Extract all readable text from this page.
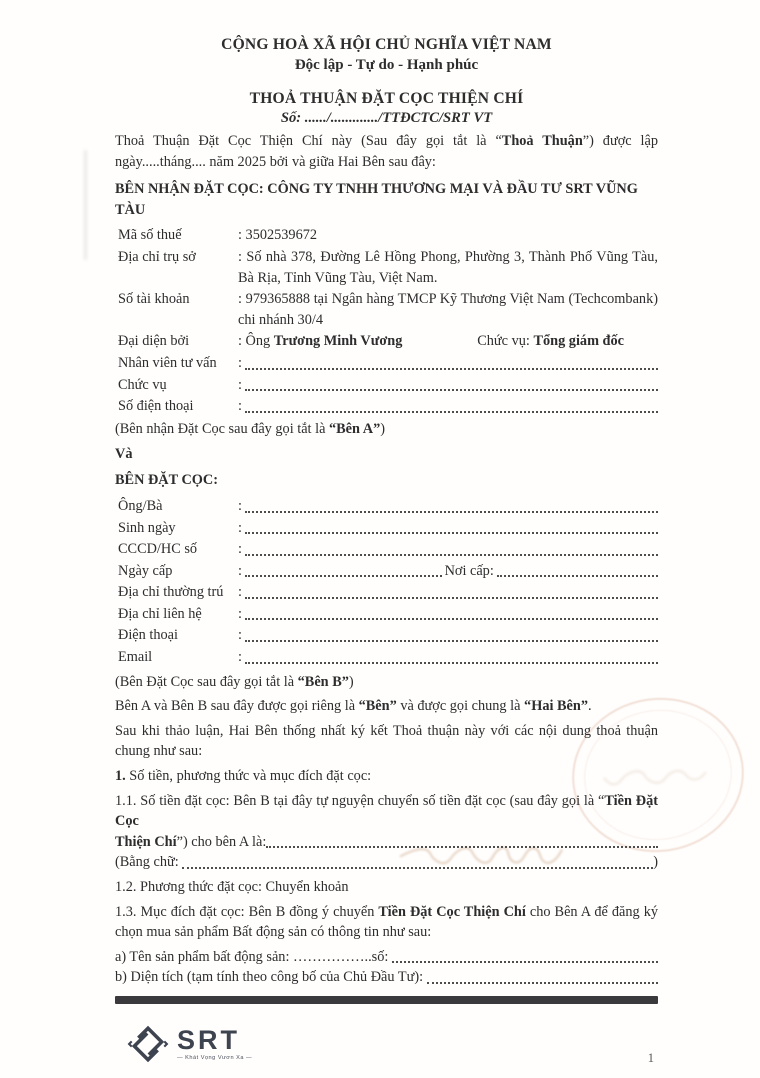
CỘNG HOÀ XÃ HỘI CHỦ NGHĨA VIỆT NAM
Độc lập - Tự do - Hạnh phúc
THOẢ THUẬN ĐẶT CỌC THIỆN CHÍ
Số: ....../............./TTĐCTC/SRT VT

Thoả Thuận Đặt Cọc Thiện Chí này (Sau đây gọi tắt là “Thoả Thuận”) được lập ngày.....tháng.... năm 2025 bởi và giữa Hai Bên sau đây:

BÊN NHẬN ĐẶT CỌC: CÔNG TY TNHH THƯƠNG MẠI VÀ ĐẦU TƯ SRT VŨNG TÀU
Mã số thuế	: 3502539672
Địa chỉ trụ sở	: Số nhà 378, Đường Lê Hồng Phong, Phường 3, Thành Phố Vũng Tàu, Bà Rịa, Tỉnh Vũng Tàu, Việt Nam.
Số tài khoản	: 979365888 tại Ngân hàng TMCP Kỹ Thương Việt Nam (Techcombank) chi nhánh 30/4
Đại diện bởi	: Ông Trương Minh Vương	Chức vụ: Tổng giám đốc
Nhân viên tư vấn	:
Chức vụ	:
Số điện thoại	:
(Bên nhận Đặt Cọc sau đây gọi tắt là “Bên A”)
Và
BÊN ĐẶT CỌC:
Ông/Bà	:
Sinh ngày	:
CCCD/HC số	:
Ngày cấp	:	Nơi cấp:
Địa chỉ thường trú	:
Địa chỉ liên hệ	:
Điện thoại	:
Email	:
(Bên Đặt Cọc sau đây gọi tắt là “Bên B”)

Bên A và Bên B sau đây được gọi riêng là “Bên” và được gọi chung là “Hai Bên”.

Sau khi thảo luận, Hai Bên thống nhất ký kết Thoả thuận này với các nội dung thoả thuận chung như sau:

1. Số tiền, phương thức và mục đích đặt cọc:

1.1. Số tiền đặt cọc: Bên B tại đây tự nguyện chuyển số tiền đặt cọc (sau đây gọi là “Tiền Đặt Cọc

Thiện Chí ”) cho bên A là:
(Bằng chữ:	)

1.2. Phương thức đặt cọc: Chuyển khoản

1.3. Mục đích đặt cọc: Bên B đồng ý chuyển Tiền Đặt Cọc Thiện Chí cho Bên A để đăng ký chọn mua sản phẩm Bất động sản có thông tin như sau:

a) Tên sản phẩm bất động sản: …………….. số:
b) Diện tích (tạm tính theo công bố của Chủ Đầu Tư):
SRT
— Khát Vọng Vươn Xa —	1
